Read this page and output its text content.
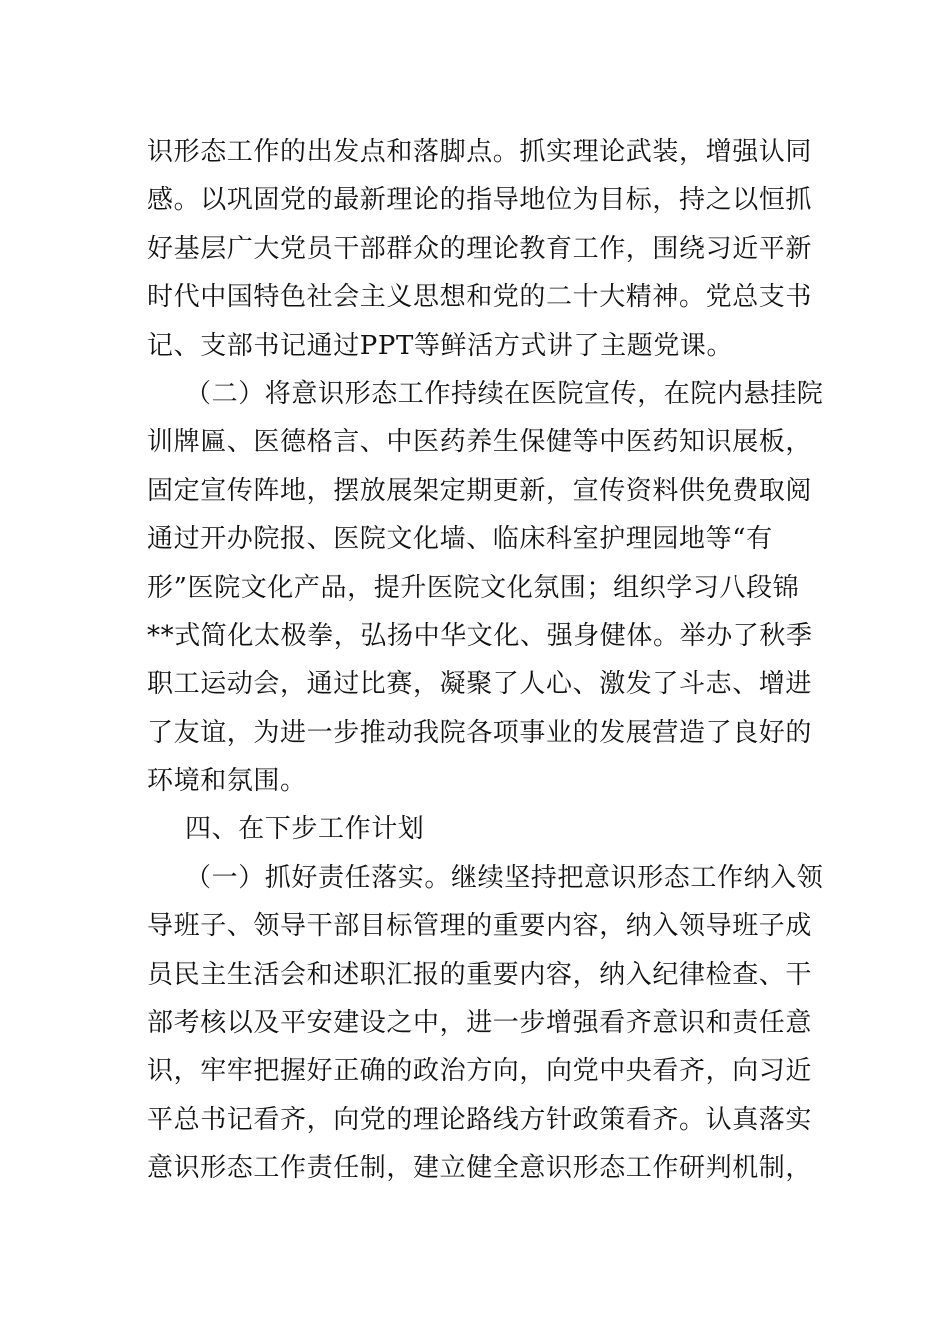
识形态工作的出发点和落脚点。抓实理论武装，增强认同
感。以巩固党的最新理论的指导地位为目标，持之以恒抓
好基层广大党员干部群众的理论教育工作，围绕习近平新
时代中国特色社会主义思想和党的二十大精神。党总支书
记、支部书记通过PPT等鲜活方式讲了主题党课。
（二）将意识形态工作持续在医院宣传，在院内悬挂院
训牌匾、医德格言、中医药养生保健等中医药知识展板，
固定宣传阵地，摆放展架定期更新，宣传资料供免费取阅
通过开办院报、医院文化墙、临床科室护理园地等“有
形”医院文化产品，提升医院文化氛围；组织学习八段锦
**式简化太极拳，弘扬中华文化、强身健体。举办了秋季
职工运动会，通过比赛，凝聚了人心、激发了斗志、增进
了友谊，为进一步推动我院各项事业的发展营造了良好的
环境和氛围。
四、在下步工作计划
（一）抓好责任落实。继续坚持把意识形态工作纳入领
导班子、领导干部目标管理的重要内容，纳入领导班子成
员民主生活会和述职汇报的重要内容，纳入纪律检查、干
部考核以及平安建设之中，进一步增强看齐意识和责任意
识，牢牢把握好正确的政治方向，向党中央看齐，向习近
平总书记看齐，向党的理论路线方针政策看齐。认真落实
意识形态工作责任制，建立健全意识形态工作研判机制，
